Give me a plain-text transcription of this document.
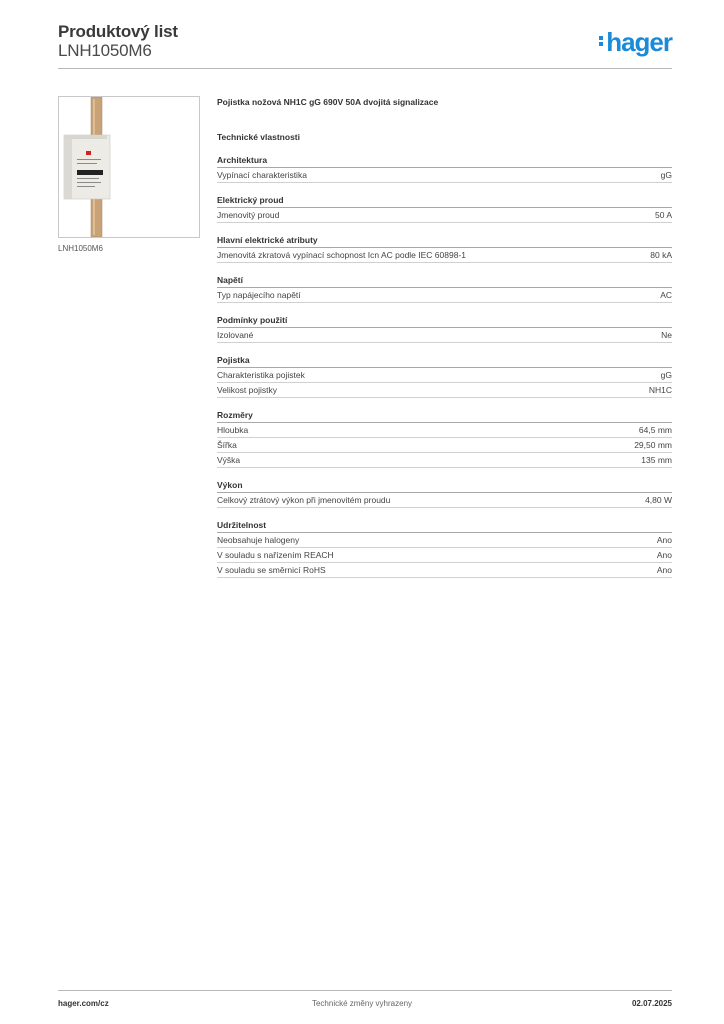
Produktový list
LNH1050M6	hager
LNH1050M6
Pojistka nožová NH1C gG 690V 50A dvojitá signalizace
Technické vlastnosti
Architektura
Vypínací charakteristika	gG
Elektrický proud
Jmenovitý proud	50 A
Hlavní elektrické atributy
Jmenovitá zkratová vypínací schopnost Icn AC podle IEC 60898-1	80 kA
Napětí
Typ napájecího napětí	AC
Podmínky použití
Izolované	Ne
Pojistka
Charakteristika pojistek	gG
Velikost pojistky	NH1C
Rozměry
Hloubka	64,5 mm
Šířka	29,50 mm
Výška	135 mm
Výkon
Celkový ztrátový výkon při jmenovitém proudu	4,80 W
Udržitelnost
Neobsahuje halogeny	Ano
V souladu s nařízením REACH	Ano
V souladu se směrnicí RoHS	Ano
hager.com/cz	Technické změny vyhrazeny	02.07.2025
